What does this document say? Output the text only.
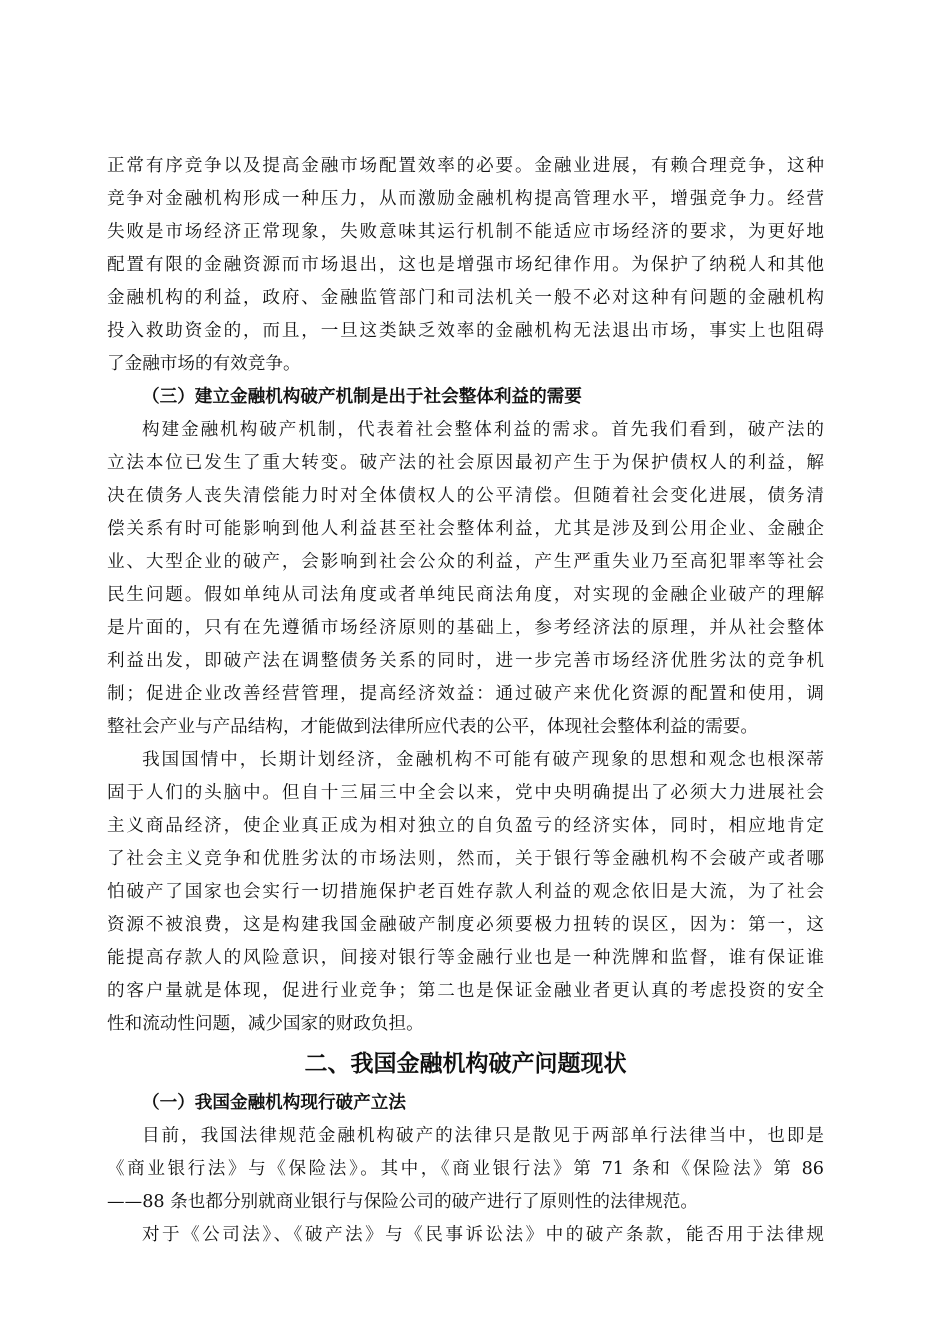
正常有序竞争以及提高金融市场配置效率的必要。金融业进展，有赖合理竞争，这种
竞争对金融机构形成一种压力，从而激励金融机构提高管理水平，增强竞争力。经营
失败是市场经济正常现象，失败意味其运行机制不能适应市场经济的要求，为更好地
配置有限的金融资源而市场退出，这也是增强市场纪律作用。为保护了纳税人和其他
金融机构的利益，政府、金融监管部门和司法机关一般不必对这种有问题的金融机构
投入救助资金的，而且，一旦这类缺乏效率的金融机构无法退出市场，事实上也阻碍
了金融市场的有效竞争。
（三）建立金融机构破产机制是出于社会整体利益的需要
构建金融机构破产机制，代表着社会整体利益的需求。首先我们看到，破产法的
立法本位已发生了重大转变。破产法的社会原因最初产生于为保护债权人的利益，解
决在债务人丧失清偿能力时对全体债权人的公平清偿。但随着社会变化进展，债务清
偿关系有时可能影响到他人利益甚至社会整体利益，尤其是涉及到公用企业、金融企
业、大型企业的破产，会影响到社会公众的利益，产生严重失业乃至高犯罪率等社会
民生问题。假如单纯从司法角度或者单纯民商法角度，对实现的金融企业破产的理解
是片面的，只有在先遵循市场经济原则的基础上，参考经济法的原理，并从社会整体
利益出发，即破产法在调整债务关系的同时，进一步完善市场经济优胜劣汰的竞争机
制；促进企业改善经营管理，提高经济效益：通过破产来优化资源的配置和使用，调
整社会产业与产品结构，才能做到法律所应代表的公平，体现社会整体利益的需要。
我国国情中，长期计划经济，金融机构不可能有破产现象的思想和观念也根深蒂
固于人们的头脑中。但自十三届三中全会以来，党中央明确提出了必须大力进展社会
主义商品经济，使企业真正成为相对独立的自负盈亏的经济实体，同时，相应地肯定
了社会主义竞争和优胜劣汰的市场法则，然而，关于银行等金融机构不会破产或者哪
怕破产了国家也会实行一切措施保护老百姓存款人利益的观念依旧是大流，为了社会
资源不被浪费，这是构建我国金融破产制度必须要极力扭转的误区，因为：第一，这
能提高存款人的风险意识，间接对银行等金融行业也是一种洗牌和监督，谁有保证谁
的客户量就是体现，促进行业竞争；第二也是保证金融业者更认真的考虑投资的安全
性和流动性问题，减少国家的财政负担。
二、我国金融机构破产问题现状
（一）我国金融机构现行破产立法
目前，我国法律规范金融机构破产的法律只是散见于两部单行法律当中，也即是
《商业银行法》与《保险法》。其中，《商业银行法》第 71 条和《保险法》第 86
——88 条也都分别就商业银行与保险公司的破产进行了原则性的法律规范。
对于《公司法》、《破产法》与《民事诉讼法》中的破产条款，能否用于法律规
